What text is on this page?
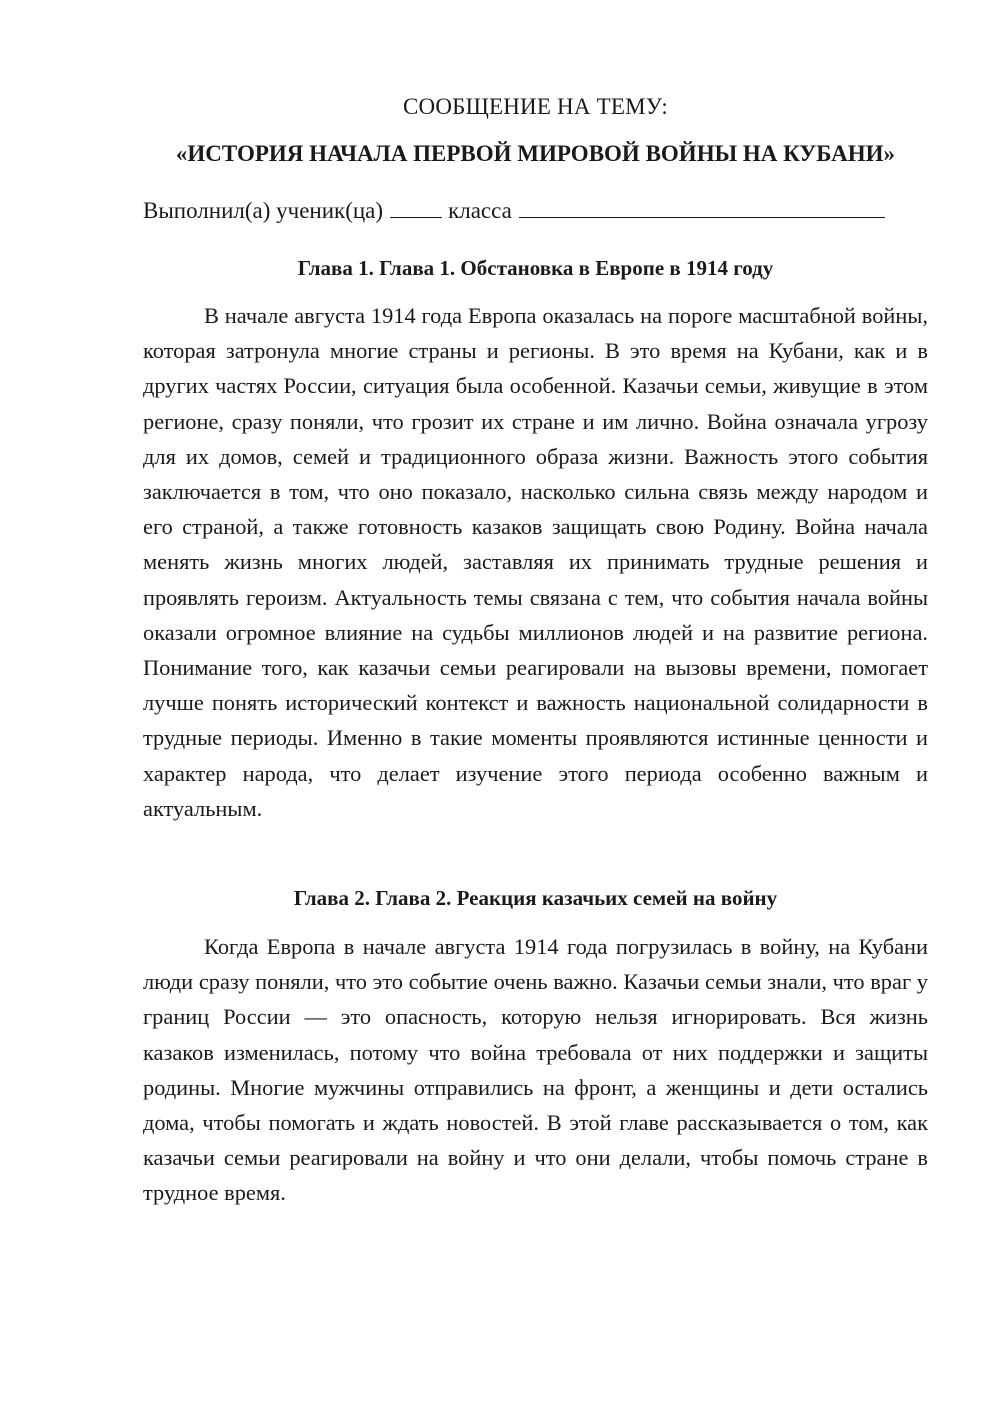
СООБЩЕНИЕ НА ТЕМУ:
«ИСТОРИЯ НАЧАЛА ПЕРВОЙ МИРОВОЙ ВОЙНЫ НА КУБАНИ»
Выполнил(а) ученик(ца)	класса
Глава 1. Глава 1. Обстановка в Европе в 1914 году

В начале августа 1914 года Европа оказалась на пороге масштабной войны, которая затронула многие страны и регионы. В это время на Кубани, как и в других частях России, ситуация была особенной. Казачьи семьи, живущие в этом регионе, сразу поняли, что грозит их стране и им лично. Война означала угрозу для их домов, семей и традиционного образа жизни. Важность этого события заключается в том, что оно показало, насколько сильна связь между народом и его страной, а также готовность казаков защищать свою Родину. Война начала менять жизнь многих людей, заставляя их принимать трудные решения и проявлять героизм. Актуальность темы связана с тем, что события начала войны оказали огромное влияние на судьбы миллионов людей и на развитие региона. Понимание того, как казачьи семьи реагировали на вызовы времени, помогает лучше понять исторический контекст и важность национальной солидарности в трудные периоды. Именно в такие моменты проявляются истинные ценности и характер народа, что делает изучение этого периода особенно важным и актуальным.

Глава 2. Глава 2. Реакция казачьих семей на войну

Когда Европа в начале августа 1914 года погрузилась в войну, на Кубани люди сразу поняли, что это событие очень важно. Казачьи семьи знали, что враг у границ России — это опасность, которую нельзя игнорировать. Вся жизнь казаков изменилась, потому что война требовала от них поддержки и защиты родины. Многие мужчины отправились на фронт, а женщины и дети остались дома, чтобы помогать и ждать новостей. В этой главе рассказывается о том, как казачьи семьи реагировали на войну и что они делали, чтобы помочь стране в трудное время.
